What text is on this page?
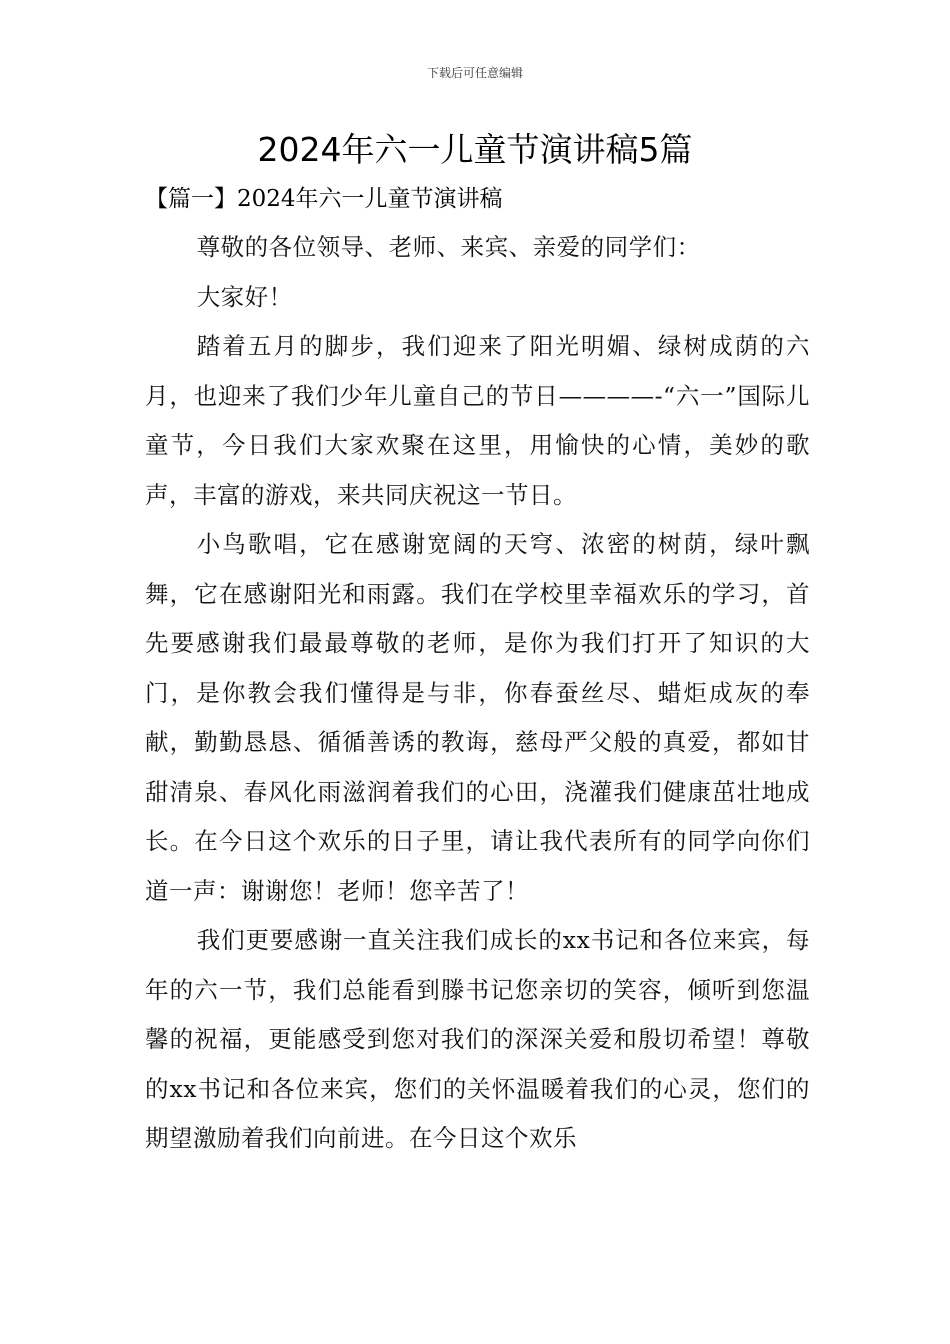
下载后可任意编辑
2024年六一儿童节演讲稿5篇
【篇一】2024年六一儿童节演讲稿

尊敬的各位领导、老师、来宾、亲爱的同学们：

大家好！

踏着五月的脚步，我们迎来了阳光明媚、绿树成荫的六月，也迎来了我们少年儿童自己的节日————-“六一”国际儿童节，今日我们大家欢聚在这里，用愉快的心情，美妙的歌声，丰富的游戏，来共同庆祝这一节日。

小鸟歌唱，它在感谢宽阔的天穹、浓密的树荫，绿叶飘舞，它在感谢阳光和雨露。我们在学校里幸福欢乐的学习，首先要感谢我们最最尊敬的老师，是你为我们打开了知识的大门，是你教会我们懂得是与非，你春蚕丝尽、蜡炬成灰的奉献，勤勤恳恳、循循善诱的教诲，慈母严父般的真爱，都如甘甜清泉、春风化雨滋润着我们的心田，浇灌我们健康茁壮地成长。在今日这个欢乐的日子里，请让我代表所有的同学向你们道一声：谢谢您！老师！您辛苦了！

我们更要感谢一直关注我们成长的xx书记和各位来宾，每年的六一节，我们总能看到滕书记您亲切的笑容，倾听到您温馨的祝福，更能感受到您对我们的深深关爱和殷切希望！尊敬的xx书记和各位来宾，您们的关怀温暖着我们的心灵，您们的期望激励着我们向前进。在今日这个欢乐
